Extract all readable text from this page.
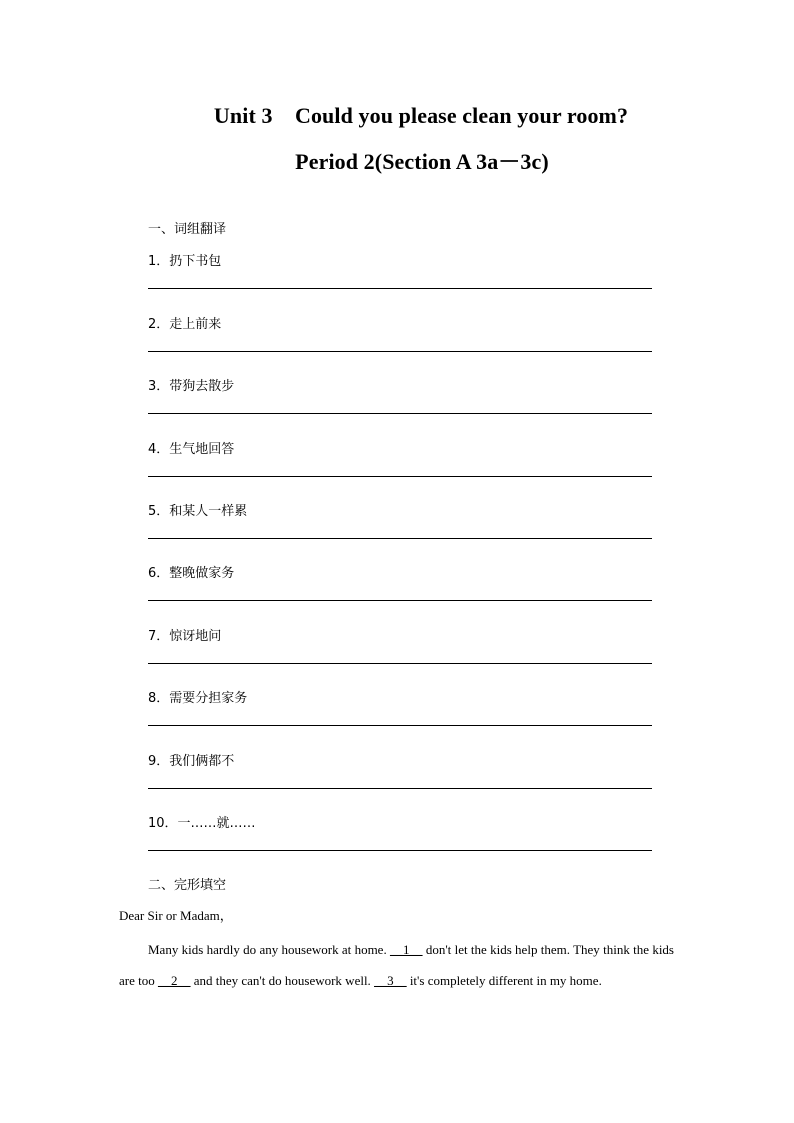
Unit 3    Could you please clean your room?
Period 2(Section A 3a－3c)
一、词组翻译
1．扔下书包
2．走上前来
3．带狗去散步
4．生气地回答
5．和某人一样累
6．整晚做家务
7．惊讶地问
8．需要分担家务
9．我们俩都不
10．一……就……
二、完形填空
Dear Sir or Madam，
Many kids hardly do any housework at home. __1__ don't let the kids help them. They think the kids are too __2__ and they can't do housework well. __3__ it's completely different in my home.
